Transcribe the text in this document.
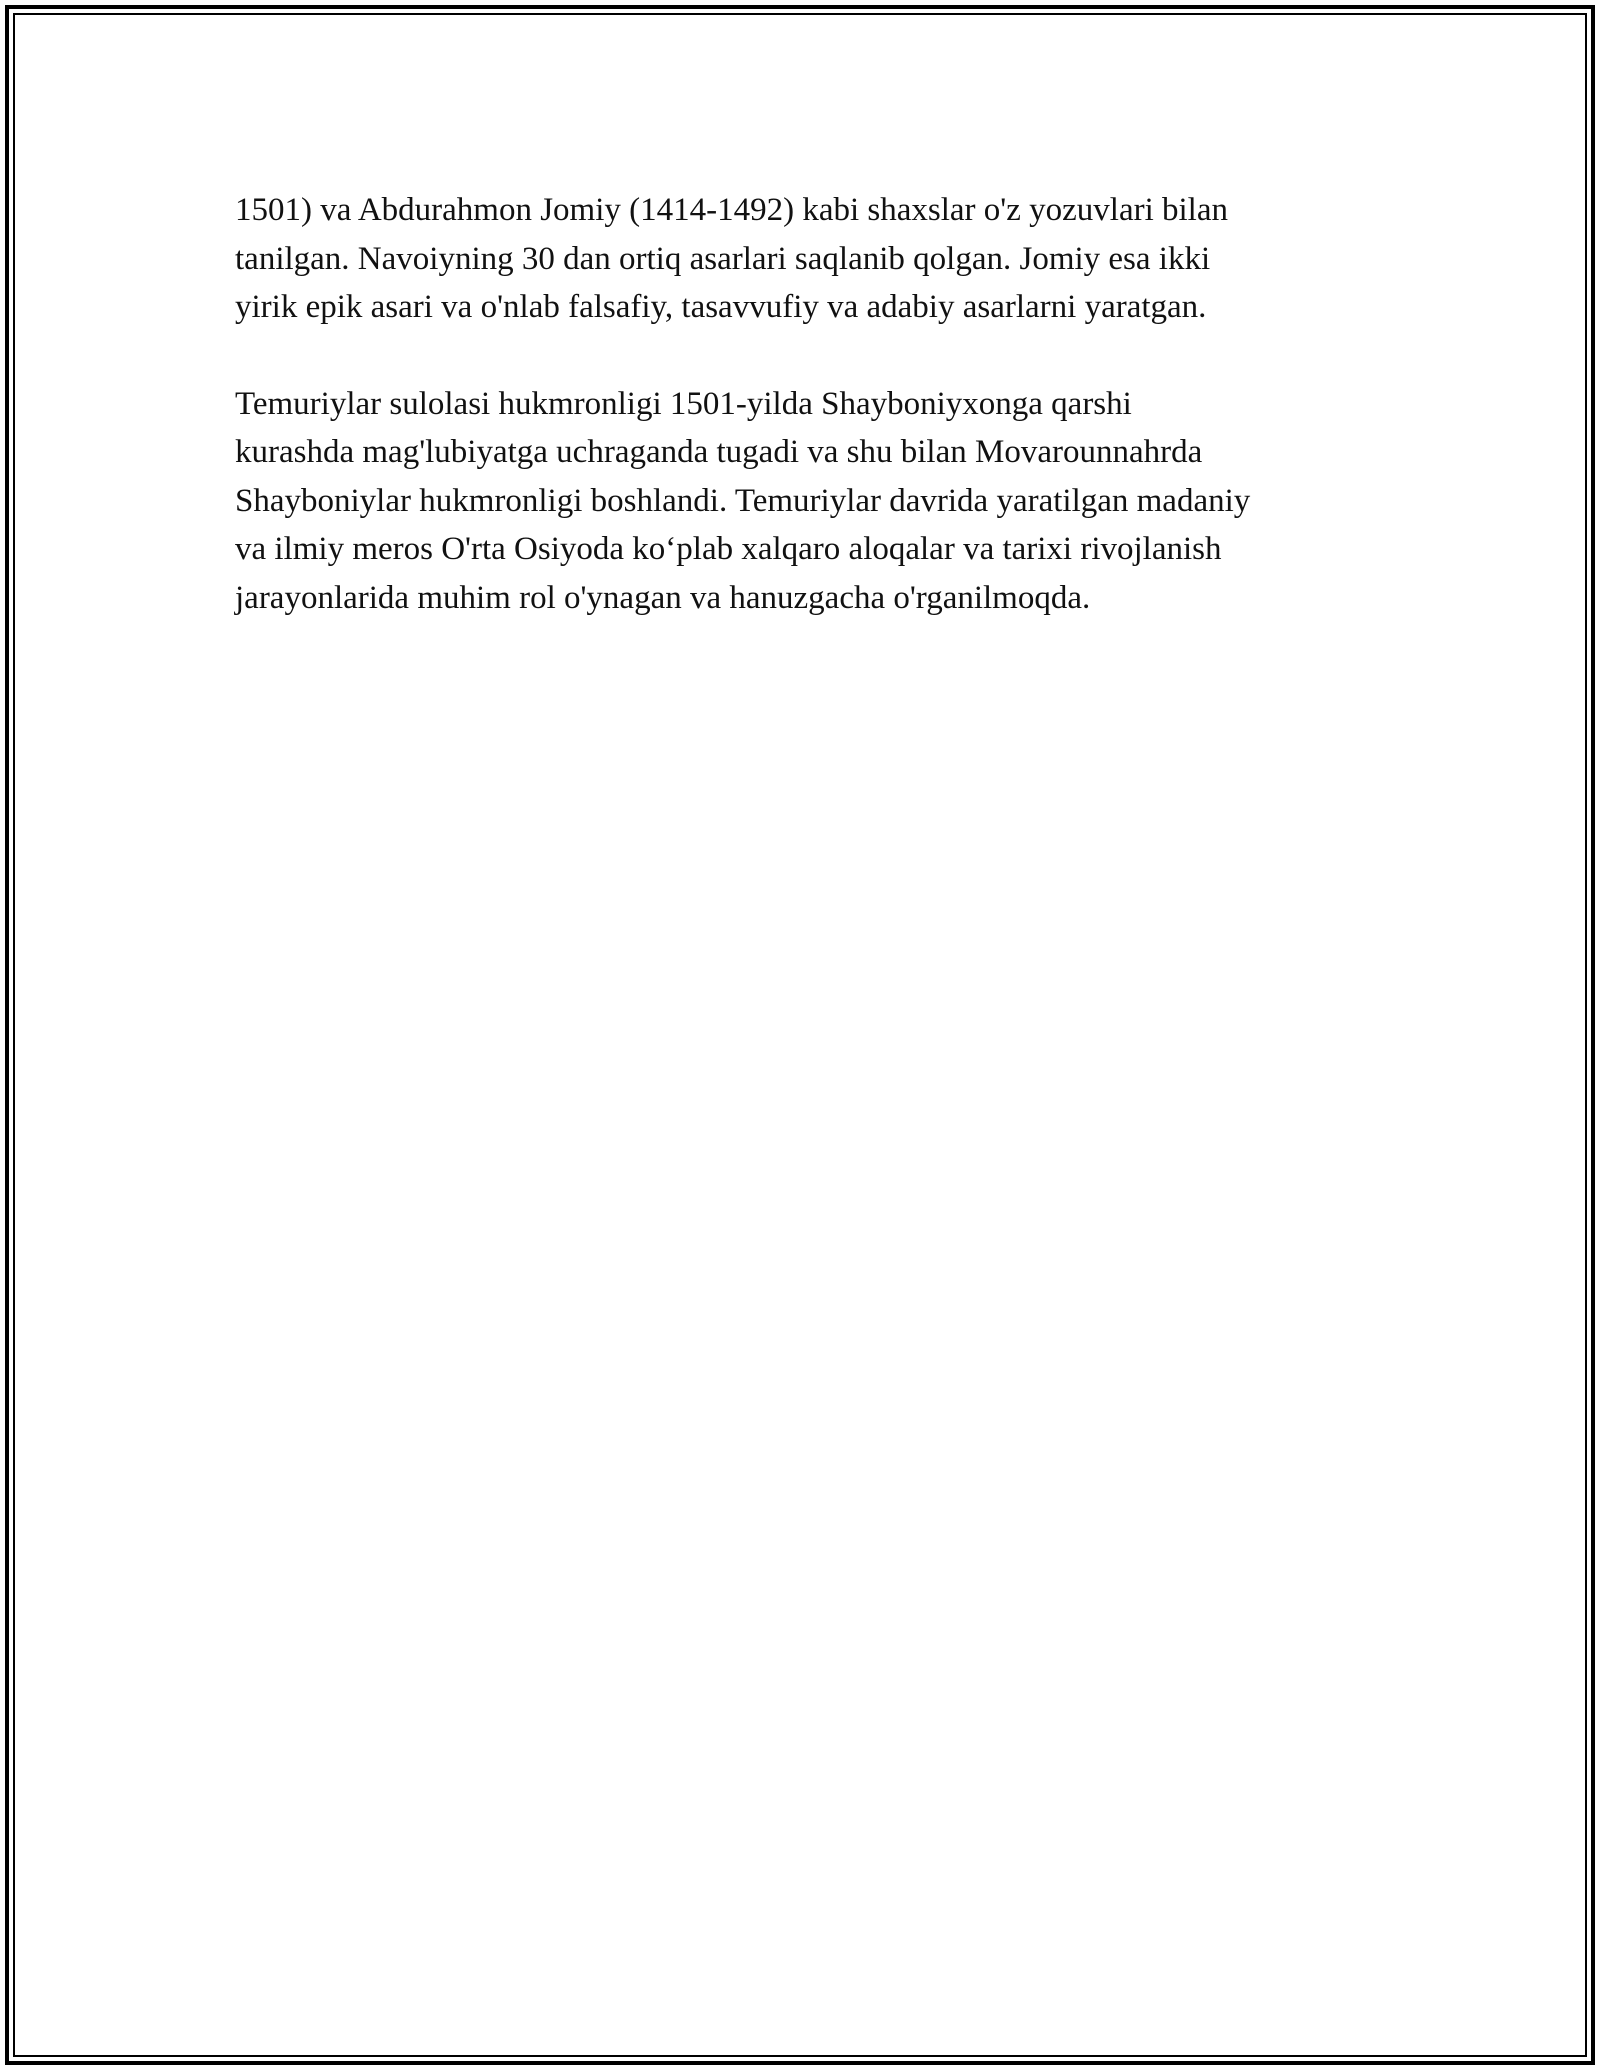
1501) va Abdurahmon Jomiy (1414-1492) kabi shaxslar o'z yozuvlari bilan
tanilgan. Navoiyning 30 dan ortiq asarlari saqlanib qolgan. Jomiy esa ikki
yirik epik asari va o'nlab falsafiy, tasavvufiy va adabiy asarlarni yaratgan.

Temuriylar sulolasi hukmronligi 1501-yilda Shayboniyxonga qarshi
kurashda mag'lubiyatga uchraganda tugadi va shu bilan Movarounnahrda
Shayboniylar hukmronligi boshlandi. Temuriylar davrida yaratilgan madaniy
va ilmiy meros O'rta Osiyoda ko‘plab xalqaro aloqalar va tarixi rivojlanish
jarayonlarida muhim rol o'ynagan va hanuzgacha o'rganilmoqda.
